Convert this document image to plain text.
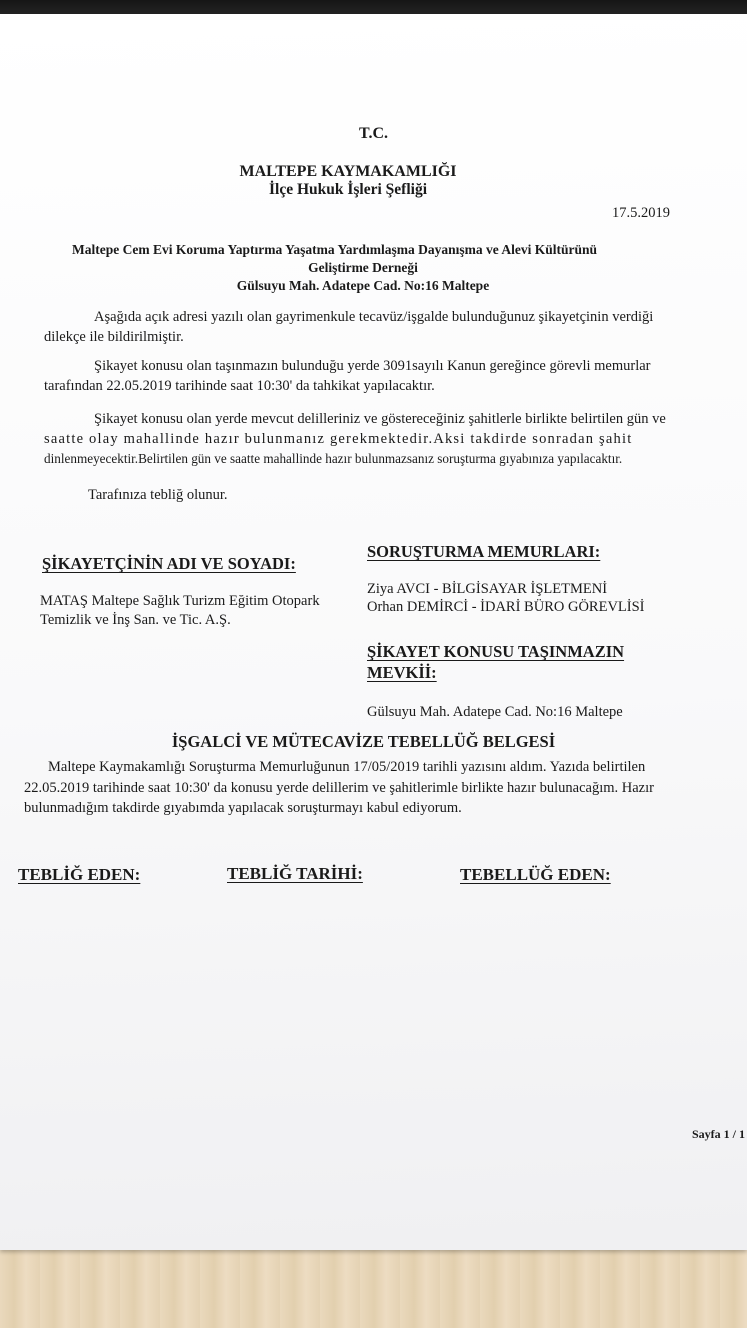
T.C.
MALTEPE KAYMAKAMLIĞI
İlçe Hukuk İşleri Şefliği
17.5.2019
Maltepe Cem Evi Koruma Yaptırma Yaşatma Yardımlaşma Dayanışma ve Alevi Kültürünü
Geliştirme Derneği
Gülsuyu Mah. Adatepe Cad. No:16 Maltepe
Aşağıda açık adresi yazılı olan gayrimenkule tecavüz/işgalde bulunduğunuz şikayetçinin verdiği
dilekçe ile bildirilmiştir.
Şikayet konusu olan taşınmazın bulunduğu yerde 3091sayılı Kanun gereğince görevli memurlar
tarafından 22.05.2019 tarihinde saat 10:30' da tahkikat yapılacaktır.
Şikayet konusu olan yerde mevcut delilleriniz ve göstereceğiniz şahitlerle birlikte belirtilen gün ve
saatte olay mahallinde hazır bulunmanız gerekmektedir.Aksi takdirde sonradan şahit
dinlenmeyecektir.Belirtilen gün ve saatte mahallinde hazır bulunmazsanız soruşturma gıyabınıza yapılacaktır.
Tarafınıza tebliğ olunur.
ŞİKAYETÇİNİN ADI VE SOYADI:
MATAŞ Maltepe Sağlık Turizm Eğitim Otopark
Temizlik ve İnş San. ve Tic. A.Ş.
SORUŞTURMA MEMURLARI:
Ziya AVCI - BİLGİSAYAR İŞLETMENİ
Orhan DEMİRCİ - İDARİ BÜRO GÖREVLİSİ
ŞİKAYET KONUSU TAŞINMAZIN
MEVKİİ:
Gülsuyu Mah. Adatepe Cad. No:16 Maltepe
İŞGALCİ VE MÜTECAVİZE TEBELLÜĞ BELGESİ
Maltepe Kaymakamlığı Soruşturma Memurluğunun 17/05/2019 tarihli yazısını aldım. Yazıda belirtilen
22.05.2019 tarihinde saat 10:30' da konusu yerde delillerim ve şahitlerimle birlikte hazır bulunacağım. Hazır
bulunmadığım takdirde gıyabımda yapılacak soruşturmayı kabul ediyorum.
TEBLİĞ EDEN:	TEBLİĞ TARİHİ:	TEBELLÜĞ EDEN:
Sayfa 1 / 1
